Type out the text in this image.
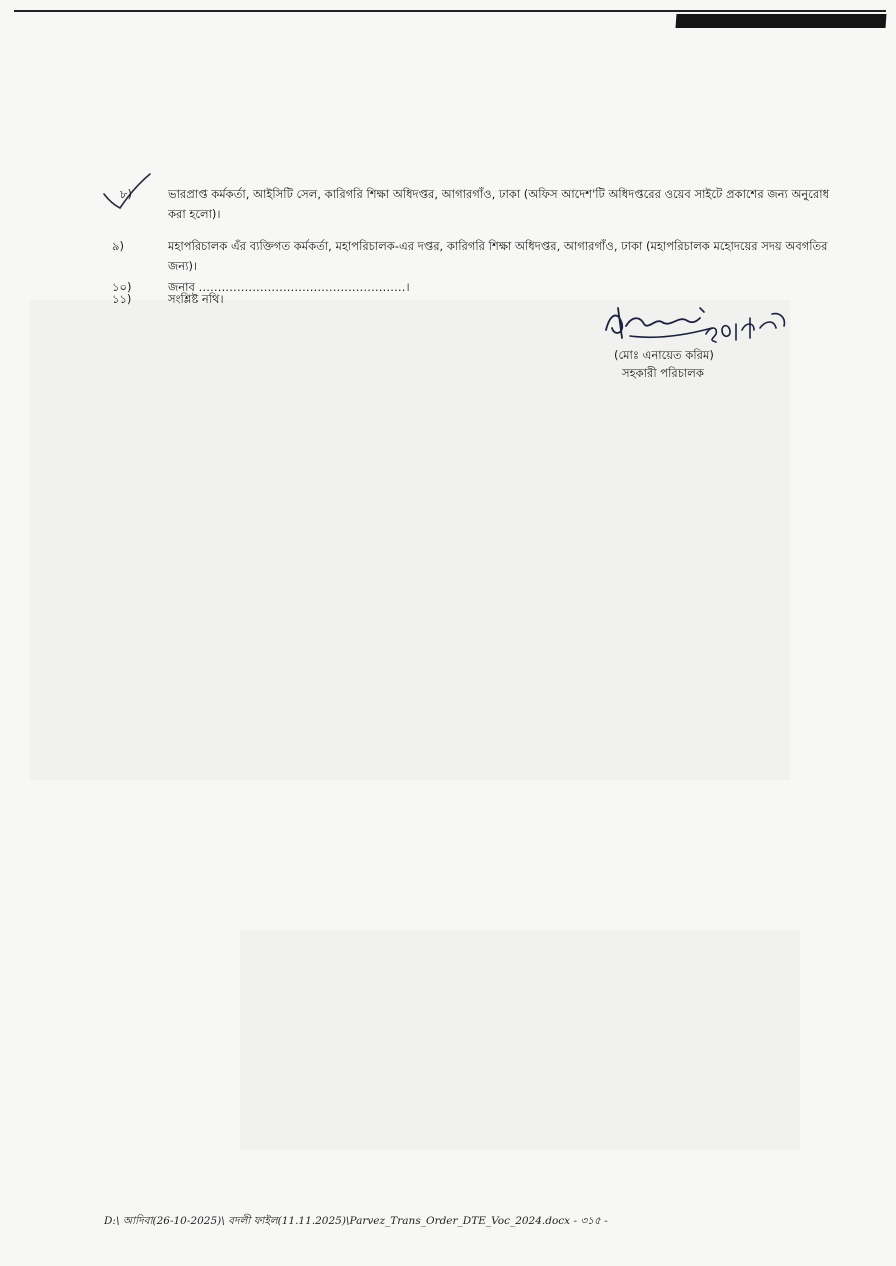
৮)	ভারপ্রাপ্ত কর্মকর্তা, আইসিটি সেল, কারিগরি শিক্ষা অধিদপ্তর, আগারগাঁও, ঢাকা (অফিস আদেশ'টি অধিদপ্তরের ওয়েব সাইটে প্রকাশের জন্য অনুরোধ করা হলো)।
৯)	মহাপরিচালক এঁর ব্যক্তিগত কর্মকর্তা, মহাপরিচালক-এর দপ্তর, কারিগরি শিক্ষা অধিদপ্তর, আগারগাঁও, ঢাকা (মহাপরিচালক মহোদয়ের সদয় অবগতির জন্য)।
১০)	জনাব ………………………………………………।
১১)	সংশ্লিষ্ট নথি।
(মোঃ এনায়েত করিম)
সহকারী পরিচালক
D:\ আদিবা(26-10-2025)\ বদলী ফাইল(11.11.2025)\Parvez_Trans_Order_DTE_Voc_2024.docx - ৩১৫ -
